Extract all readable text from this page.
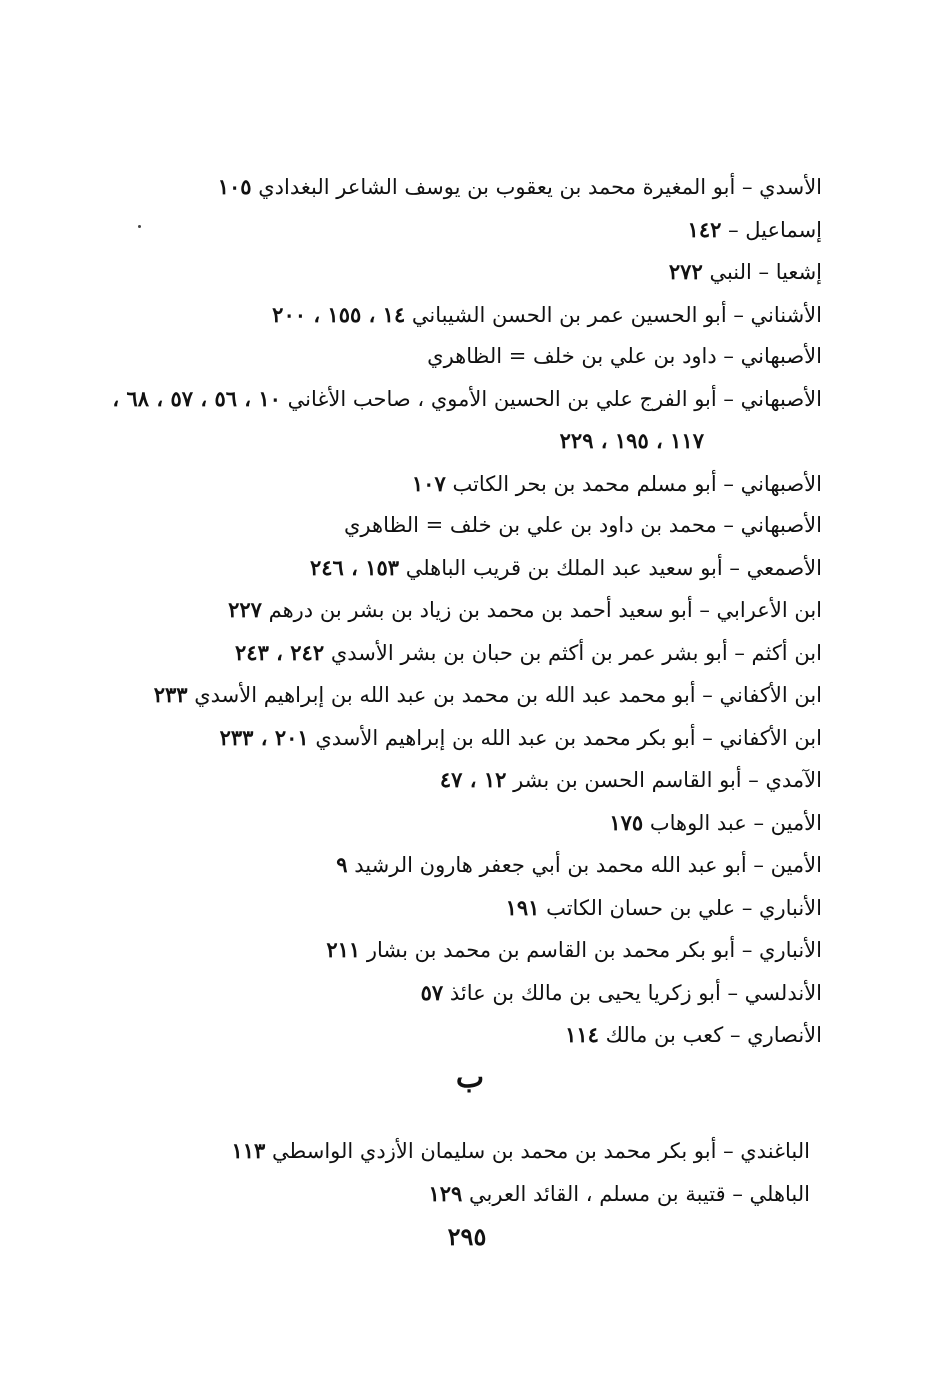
الأسدي – أبو المغيرة محمد بن يعقوب بن يوسف الشاعر البغدادي ١٠٥
إسماعيل – ١٤٢
إشعيا – النبي ٢٧٢
الأشناني – أبو الحسين عمر بن الحسن الشيباني ١٤ ، ١٥٥ ، ٢٠٠
الأصبهاني – داود بن علي بن خلف = الظاهري
الأصبهاني – أبو الفرج علي بن الحسين الأموي ، صاحب الأغاني ١٠ ، ٥٦ ، ٥٧ ، ٦٨ ،
١١٧ ، ١٩٥ ، ٢٢٩
الأصبهاني – أبو مسلم محمد بن بحر الكاتب ١٠٧
الأصبهاني – محمد بن داود بن علي بن خلف = الظاهري
الأصمعي – أبو سعيد عبد الملك بن قريب الباهلي ١٥٣ ، ٢٤٦
ابن الأعرابي – أبو سعيد أحمد بن محمد بن زياد بن بشر بن درهم ٢٢٧
ابن أكثم – أبو بشر عمر بن أكثم بن حبان بن بشر الأسدي ٢٤٢ ، ٢٤٣
ابن الأكفاني – أبو محمد عبد الله بن محمد بن عبد الله بن إبراهيم الأسدي ٢٣٣
ابن الأكفاني – أبو بكر محمد بن عبد الله بن إبراهيم الأسدي ٢٠١ ، ٢٣٣
الآمدي – أبو القاسم الحسن بن بشر ١٢ ، ٤٧
الأمين – عبد الوهاب ١٧٥
الأمين – أبو عبد الله محمد بن أبي جعفر هارون الرشيد ٩
الأنباري – علي بن حسان الكاتب ١٩١
الأنباري – أبو بكر محمد بن القاسم بن محمد بن بشار ٢١١
الأندلسي – أبو زكريا يحيى بن مالك بن عائذ ٥٧
الأنصاري – كعب بن مالك ١١٤
ب
الباغندي – أبو بكر محمد بن محمد بن سليمان الأزدي الواسطي ١١٣
الباهلي – قتيبة بن مسلم ، القائد العربي ١٢٩
٢٩٥
